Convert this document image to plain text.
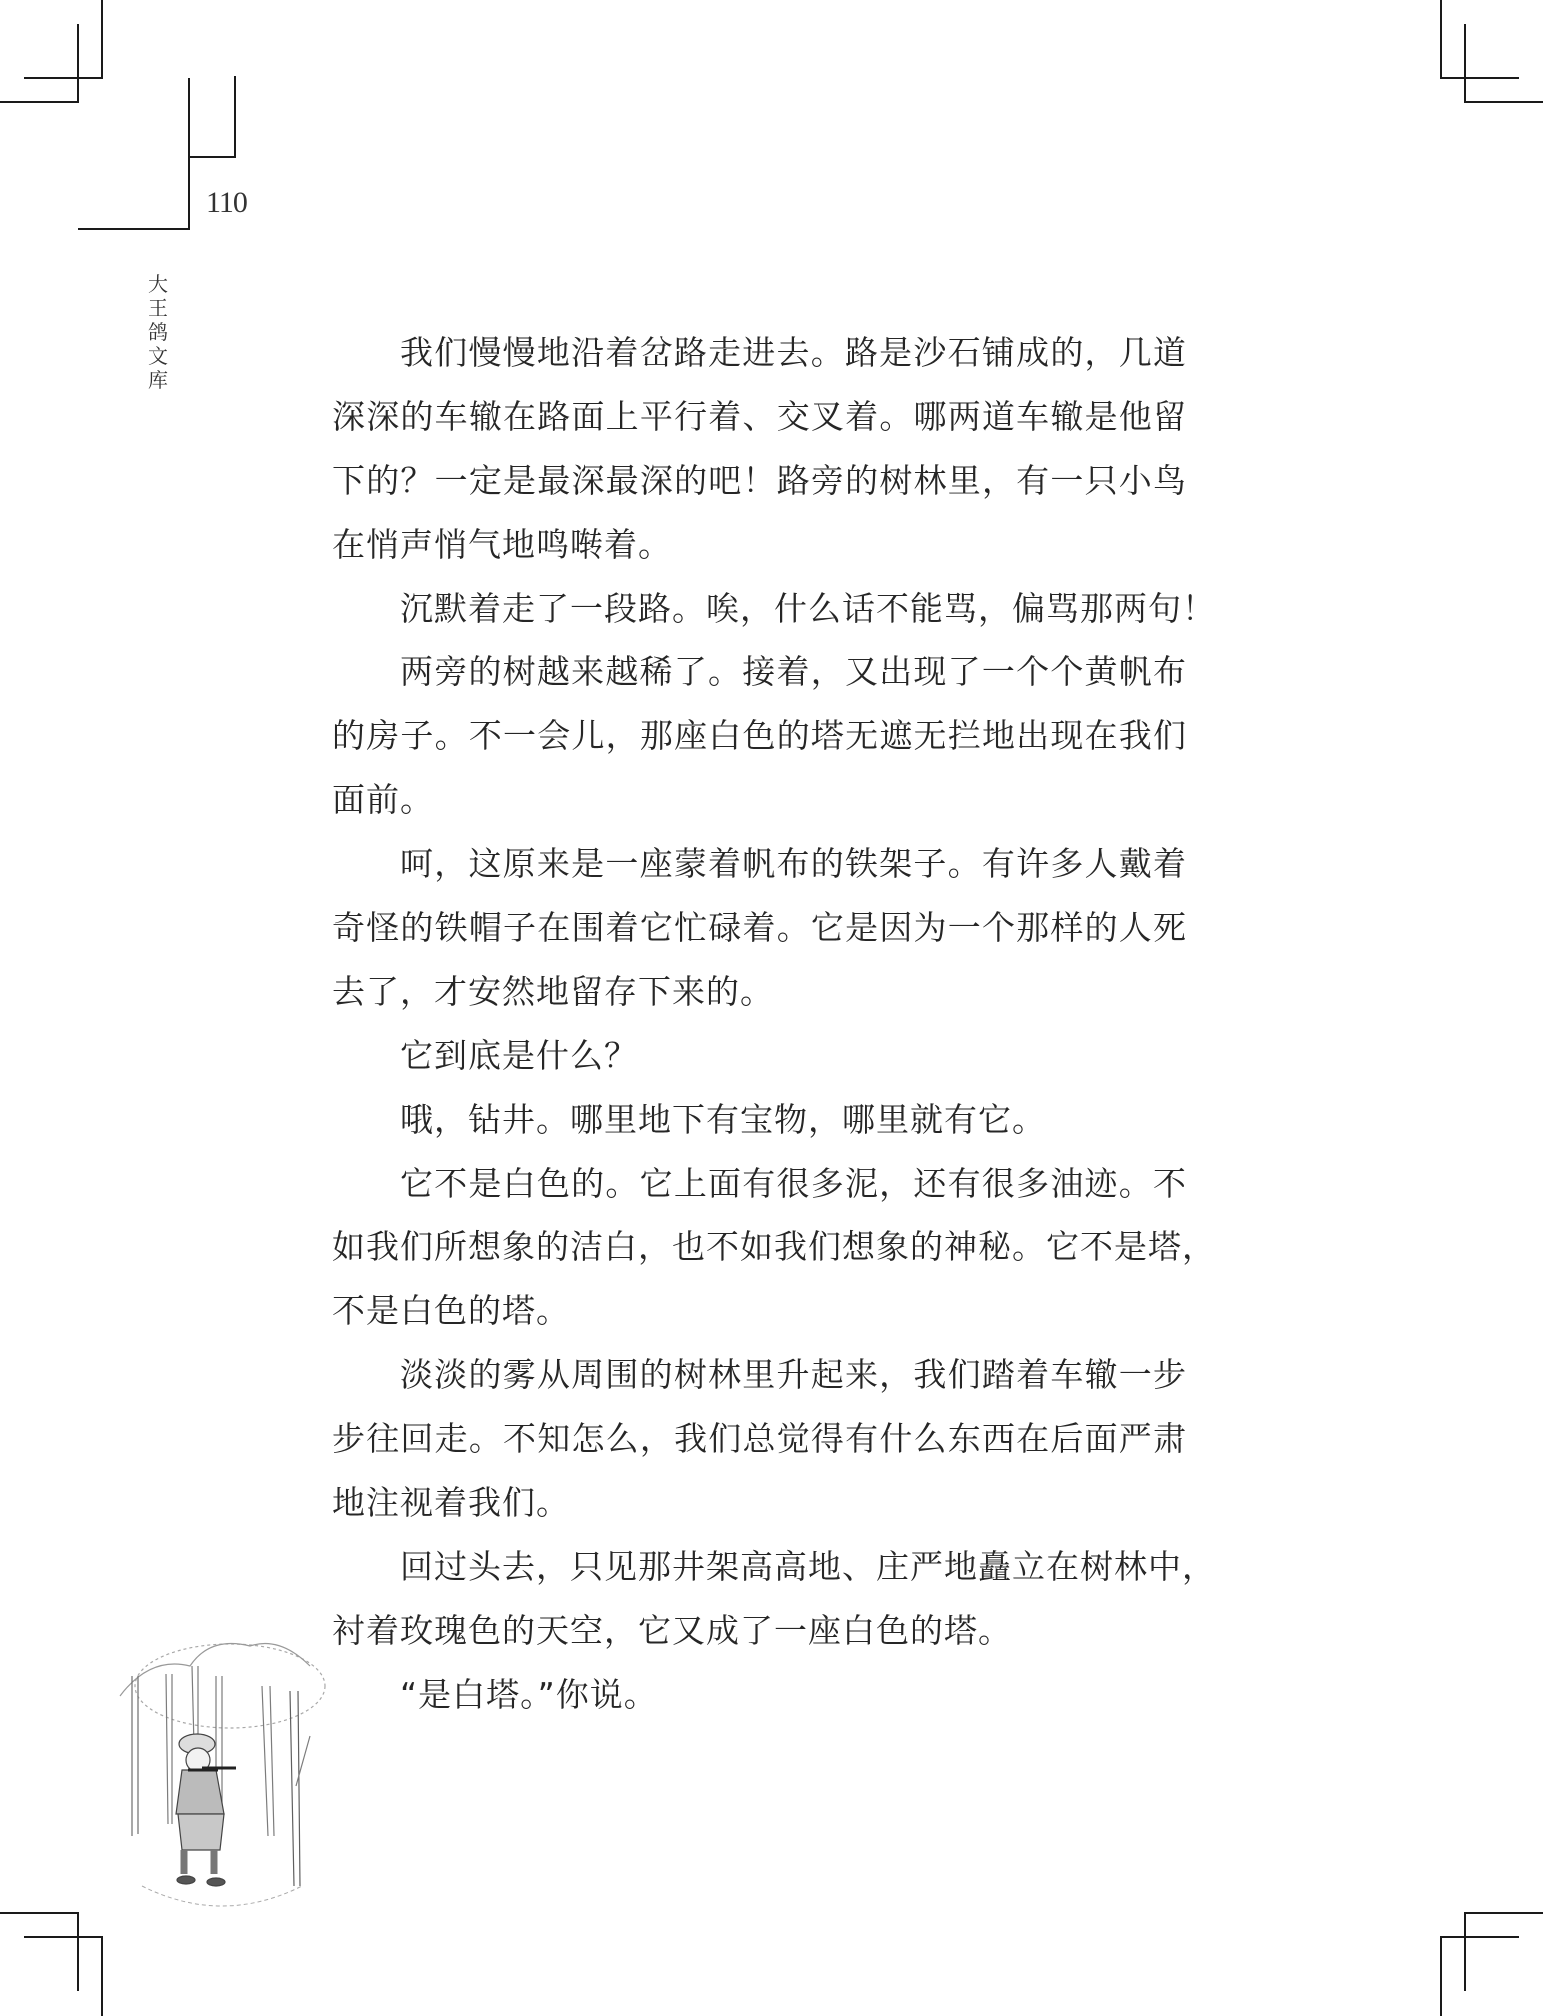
110
大
王
鸽
文
库
我们慢慢地沿着岔路走进去。路是沙石铺成的，几道
深深的车辙在路面上平行着、交叉着。哪两道车辙是他留
下的？一定是最深最深的吧！路旁的树林里，有一只小鸟
在悄声悄气地鸣啭着。
沉默着走了一段路。唉，什么话不能骂，偏骂那两句！
两旁的树越来越稀了。接着，又出现了一个个黄帆布
的房子。不一会儿，那座白色的塔无遮无拦地出现在我们
面前。
呵，这原来是一座蒙着帆布的铁架子。有许多人戴着
奇怪的铁帽子在围着它忙碌着。它是因为一个那样的人死
去了，才安然地留存下来的。
它到底是什么？
哦，钻井。哪里地下有宝物，哪里就有它。
它不是白色的。它上面有很多泥，还有很多油迹。不
如我们所想象的洁白，也不如我们想象的神秘。它不是塔，
不是白色的塔。
淡淡的雾从周围的树林里升起来，我们踏着车辙一步
步往回走。不知怎么，我们总觉得有什么东西在后面严肃
地注视着我们。
回过头去，只见那井架高高地、庄严地矗立在树林中，
衬着玫瑰色的天空，它又成了一座白色的塔。
“是白塔。”你说。
